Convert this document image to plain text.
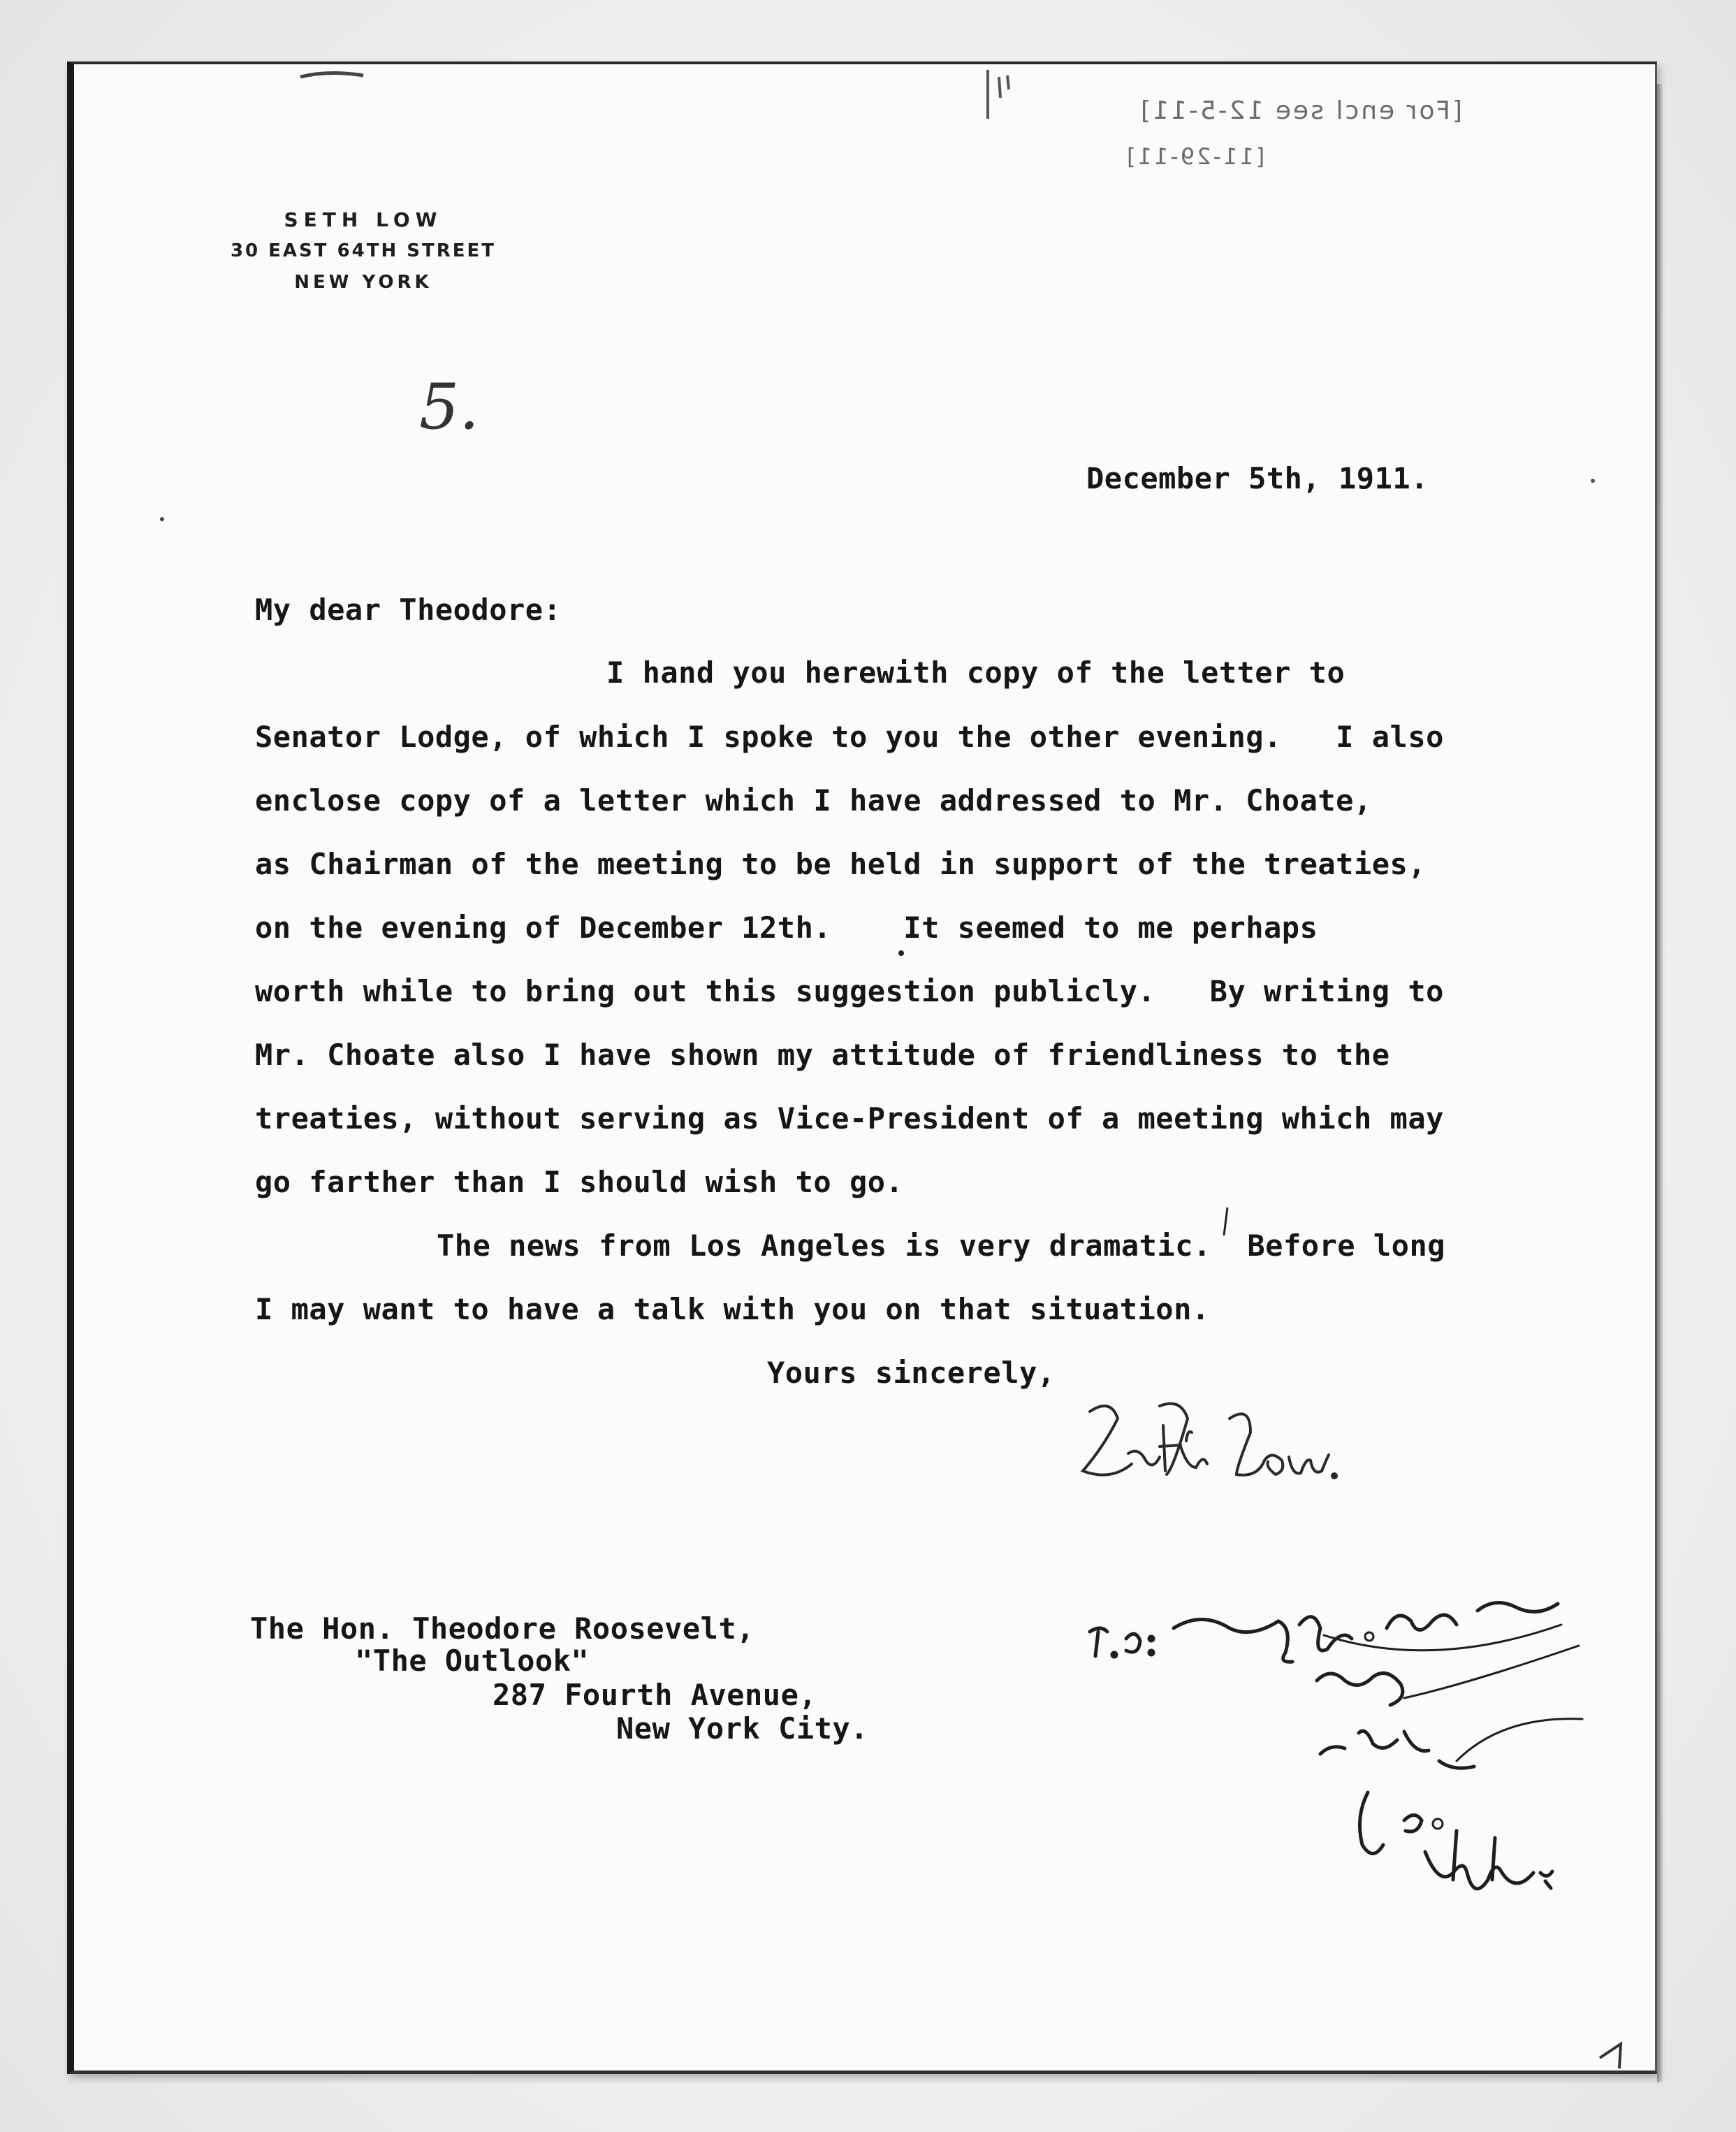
[For encl see 12-5-11]
[11-29-11]
SETH LOW
30 EAST 64TH STREET
NEW YORK
5.
December 5th, 1911.
My dear Theodore:
I hand you herewith copy of the letter to
Senator Lodge, of which I spoke to you the other evening.   I also
enclose copy of a letter which I have addressed to Mr. Choate,
as Chairman of the meeting to be held in support of the treaties,
on the evening of December 12th.    It seemed to me perhaps
worth while to bring out this suggestion publicly.   By writing to
Mr. Choate also I have shown my attitude of friendliness to the
treaties, without serving as Vice-President of a meeting which may
go farther than I should wish to go.
The news from Los Angeles is very dramatic.  Before long
I may want to have a talk with you on that situation.
Yours sincerely,
The Hon. Theodore Roosevelt,
"The Outlook"
287 Fourth Avenue,
New York City.
